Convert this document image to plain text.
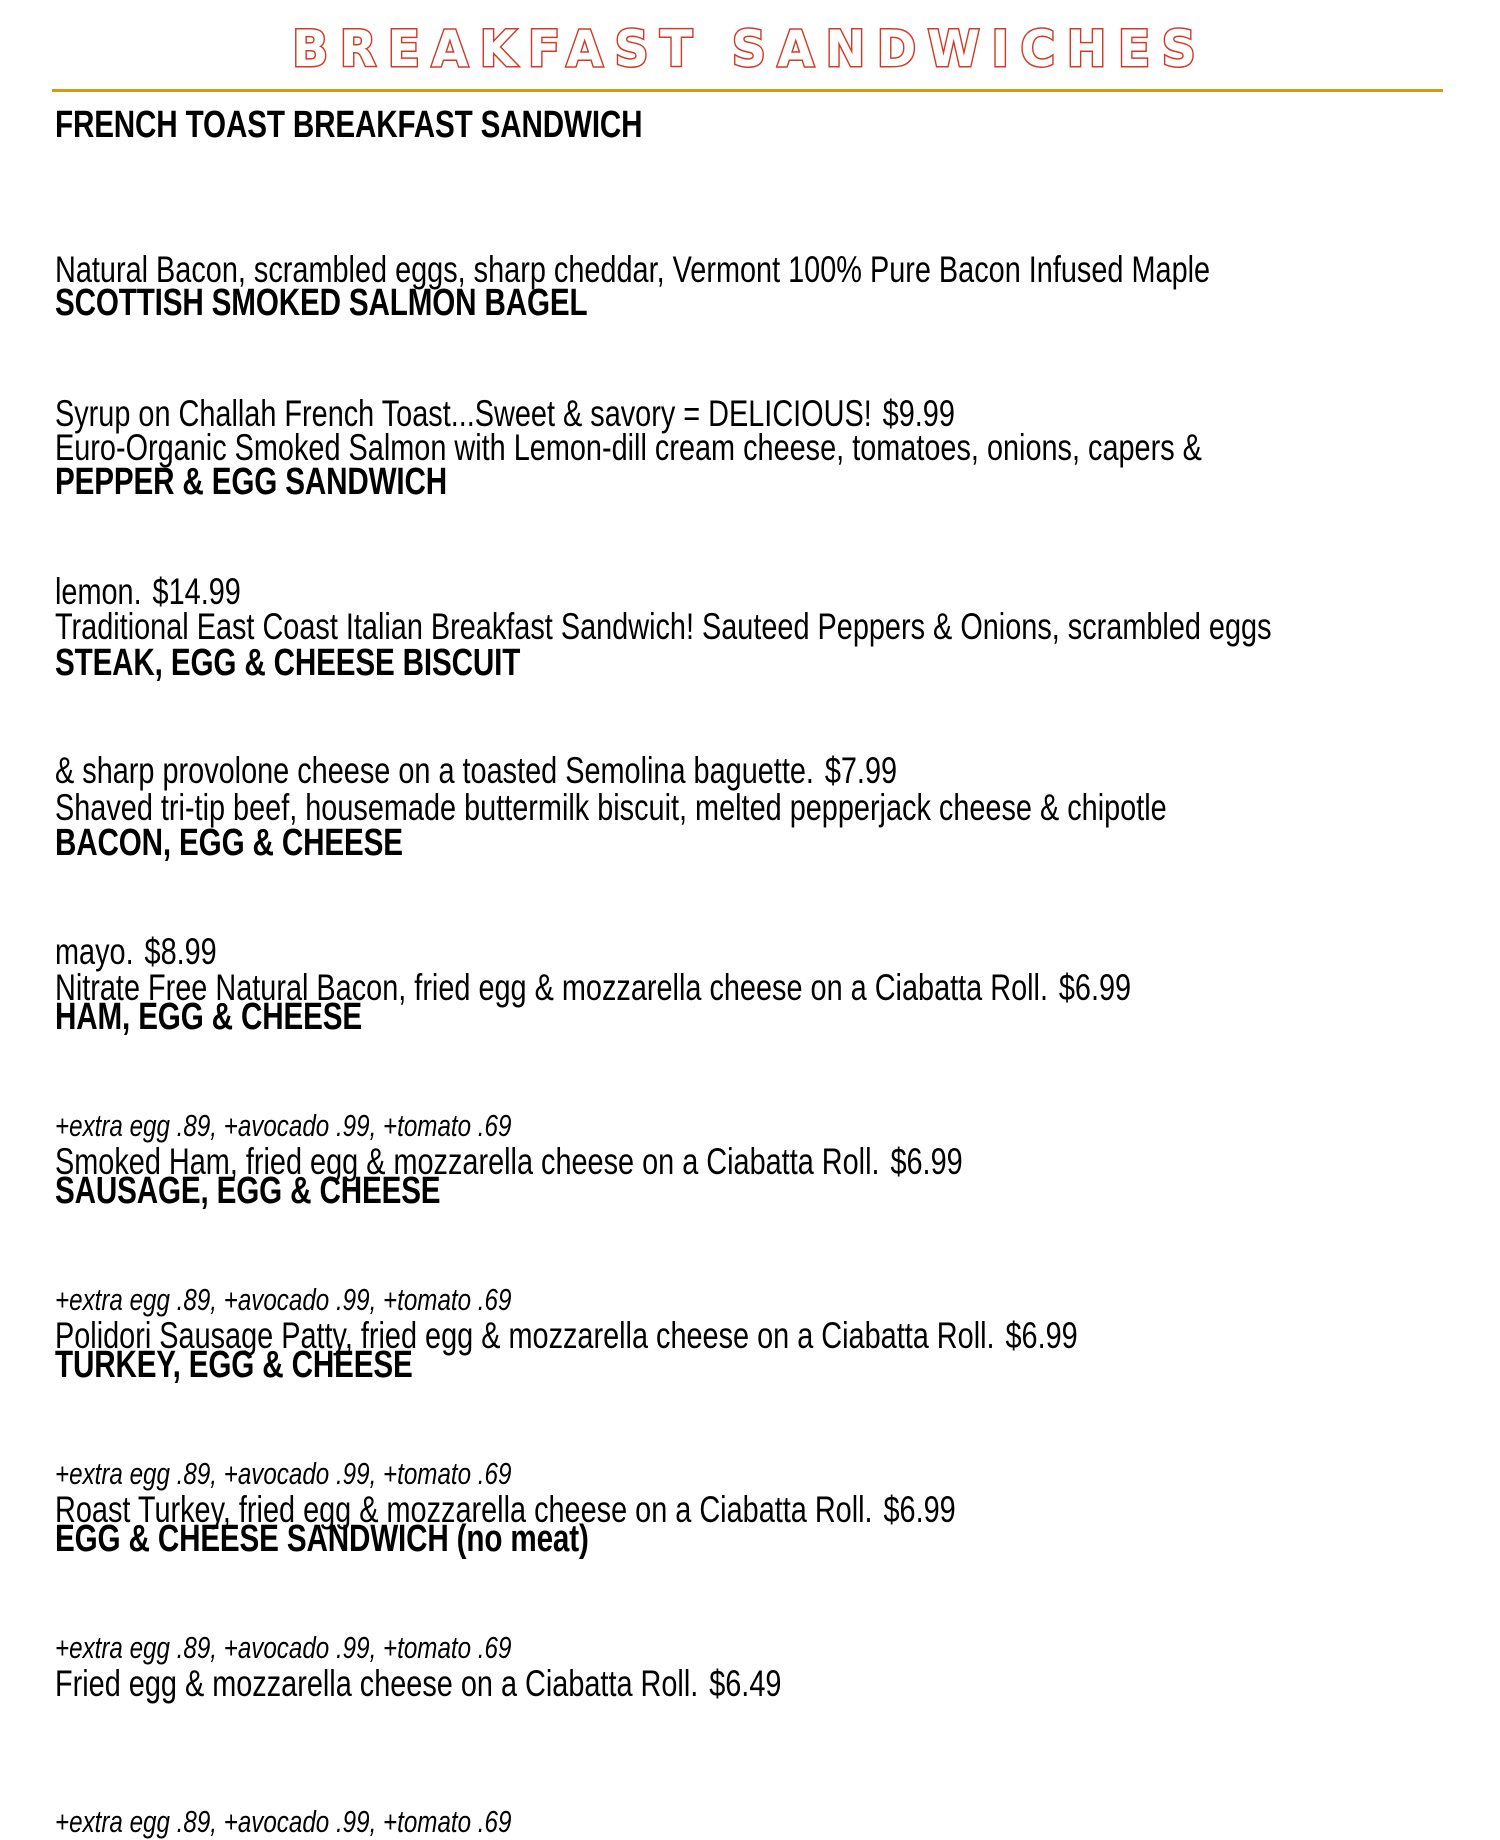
BREAKFAST SANDWICHES
FRENCH TOAST BREAKFAST SANDWICH

Natural Bacon, scrambled eggs, sharp cheddar, Vermont 100% Pure Bacon Infused Maple

Syrup on Challah French Toast...Sweet & savory = DELICIOUS! $9.99

SCOTTISH SMOKED SALMON BAGEL

Euro-Organic Smoked Salmon with Lemon-dill cream cheese, tomatoes, onions, capers &

lemon. $14.99

PEPPER & EGG SANDWICH

Traditional East Coast Italian Breakfast Sandwich! Sauteed Peppers & Onions, scrambled eggs

& sharp provolone cheese on a toasted Semolina baguette. $7.99

STEAK, EGG & CHEESE BISCUIT

Shaved tri-tip beef, housemade buttermilk biscuit, melted pepperjack cheese & chipotle

mayo. $8.99

BACON, EGG & CHEESE

Nitrate Free Natural Bacon, fried egg & mozzarella cheese on a Ciabatta Roll. $6.99

+extra egg .89, +avocado .99, +tomato .69
HAM, EGG & CHEESE

Smoked Ham, fried egg & mozzarella cheese on a Ciabatta Roll. $6.99

+extra egg .89, +avocado .99, +tomato .69
SAUSAGE, EGG & CHEESE

Polidori Sausage Patty, fried egg & mozzarella cheese on a Ciabatta Roll. $6.99

+extra egg .89, +avocado .99, +tomato .69
TURKEY, EGG & CHEESE

Roast Turkey, fried egg & mozzarella cheese on a Ciabatta Roll. $6.99

+extra egg .89, +avocado .99, +tomato .69
EGG & CHEESE SANDWICH (no meat)

Fried egg & mozzarella cheese on a Ciabatta Roll. $6.49

+extra egg .89, +avocado .99, +tomato .69
